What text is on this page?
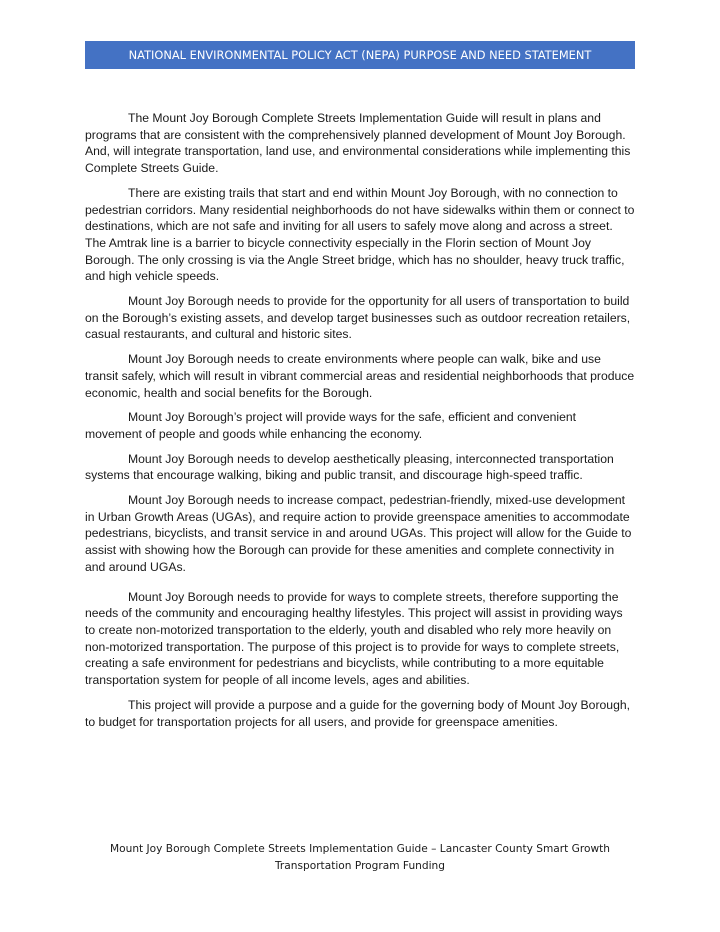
NATIONAL ENVIRONMENTAL POLICY ACT (NEPA) PURPOSE AND NEED STATEMENT

The Mount Joy Borough Complete Streets Implementation Guide will result in plans and programs that are consistent with the comprehensively planned development of Mount Joy Borough. And, will integrate transportation, land use, and environmental considerations while implementing this Complete Streets Guide.

There are existing trails that start and end within Mount Joy Borough, with no connection to pedestrian corridors. Many residential neighborhoods do not have sidewalks within them or connect to destinations, which are not safe and inviting for all users to safely move along and across a street. The Amtrak line is a barrier to bicycle connectivity especially in the Florin section of Mount Joy Borough. The only crossing is via the Angle Street bridge, which has no shoulder, heavy truck traffic, and high vehicle speeds.

Mount Joy Borough needs to provide for the opportunity for all users of transportation to build on the Borough’s existing assets, and develop target businesses such as outdoor recreation retailers, casual restaurants, and cultural and historic sites.

Mount Joy Borough needs to create environments where people can walk, bike and use transit safely, which will result in vibrant commercial areas and residential neighborhoods that produce economic, health and social benefits for the Borough.

Mount Joy Borough’s project will provide ways for the safe, efficient and convenient movement of people and goods while enhancing the economy.

Mount Joy Borough needs to develop aesthetically pleasing, interconnected transportation systems that encourage walking, biking and public transit, and discourage high-speed traffic.

Mount Joy Borough needs to increase compact, pedestrian-friendly, mixed-use development in Urban Growth Areas (UGAs), and require action to provide greenspace amenities to accommodate pedestrians, bicyclists, and transit service in and around UGAs. This project will allow for the Guide to assist with showing how the Borough can provide for these amenities and complete connectivity in and around UGAs.

Mount Joy Borough needs to provide for ways to complete streets, therefore supporting the needs of the community and encouraging healthy lifestyles. This project will assist in providing ways to create non-motorized transportation to the elderly, youth and disabled who rely more heavily on non-motorized transportation. The purpose of this project is to provide for ways to complete streets, creating a safe environment for pedestrians and bicyclists, while contributing to a more equitable transportation system for people of all income levels, ages and abilities.

This project will provide a purpose and a guide for the governing body of Mount Joy Borough, to budget for transportation projects for all users, and provide for greenspace amenities.

Mount Joy Borough Complete Streets Implementation Guide – Lancaster County Smart Growth
Transportation Program Funding
